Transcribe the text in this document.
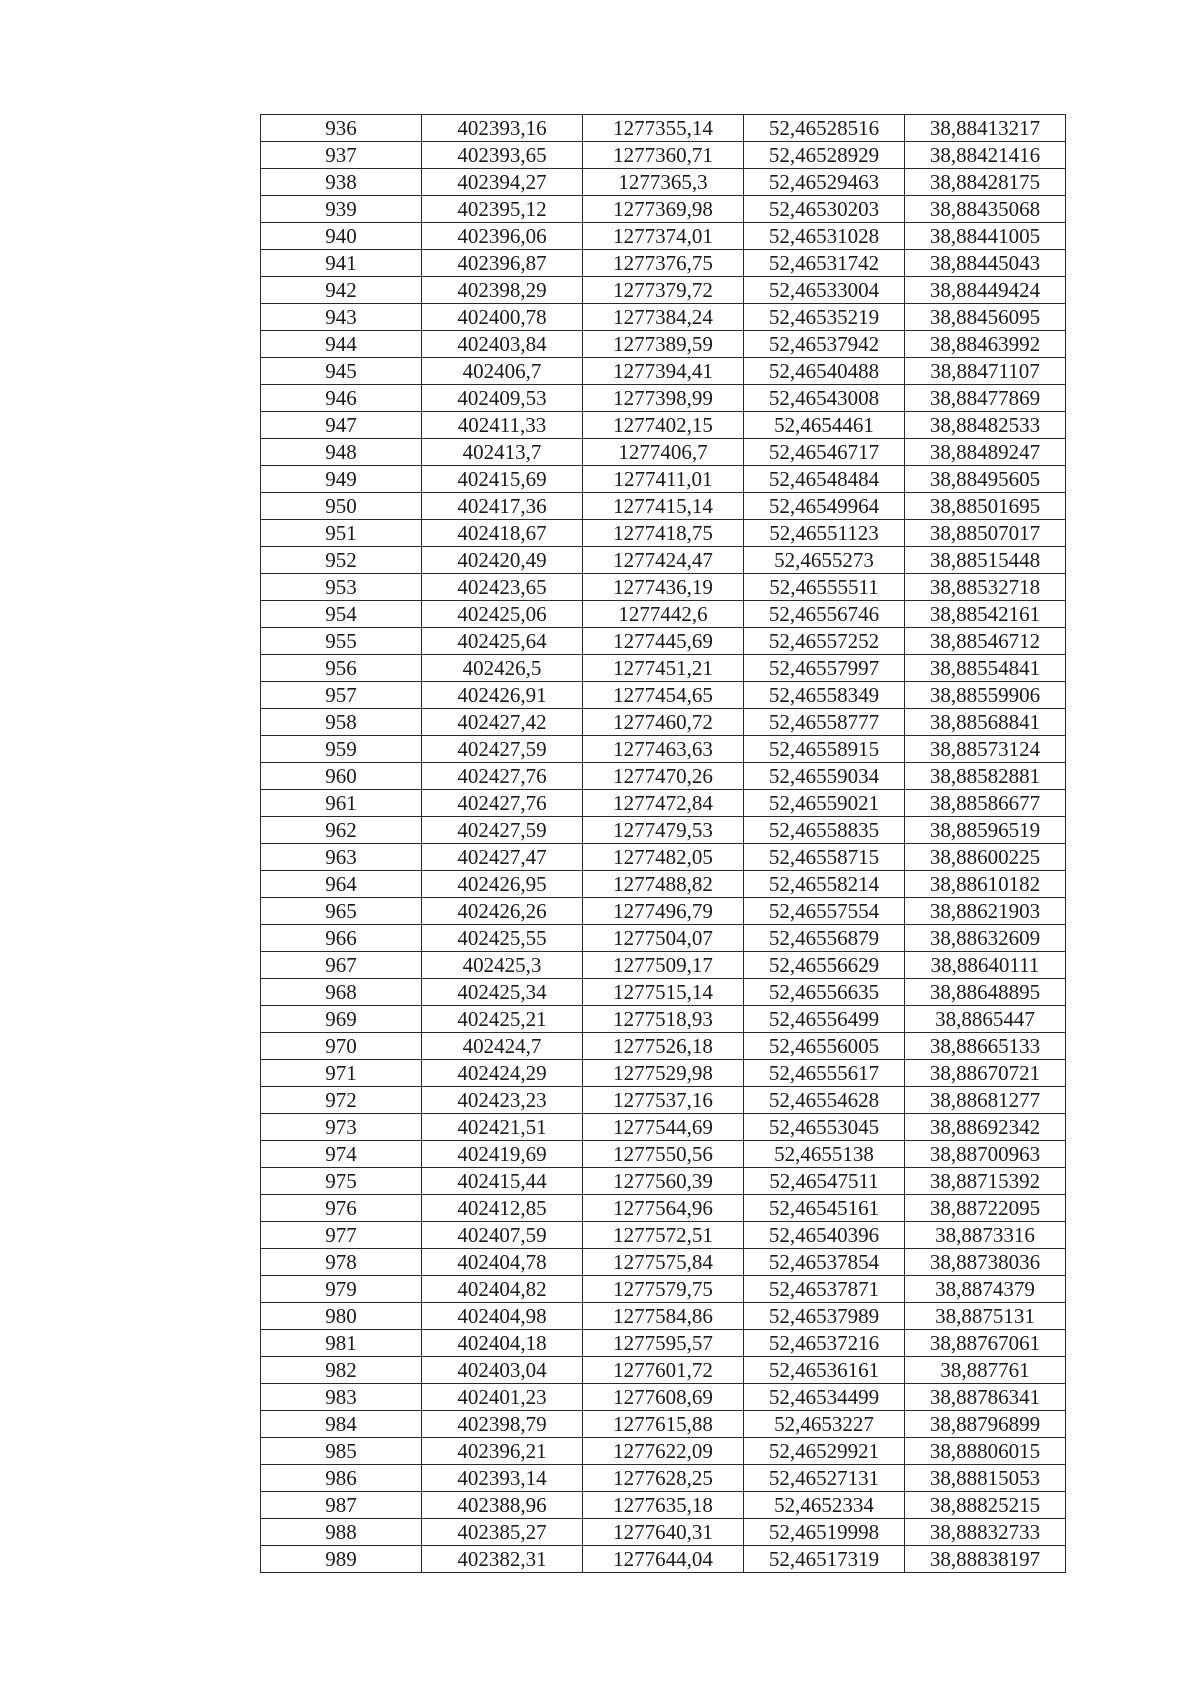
936	402393,16	1277355,14	52,46528516	38,88413217
937	402393,65	1277360,71	52,46528929	38,88421416
938	402394,27	1277365,3	52,46529463	38,88428175
939	402395,12	1277369,98	52,46530203	38,88435068
940	402396,06	1277374,01	52,46531028	38,88441005
941	402396,87	1277376,75	52,46531742	38,88445043
942	402398,29	1277379,72	52,46533004	38,88449424
943	402400,78	1277384,24	52,46535219	38,88456095
944	402403,84	1277389,59	52,46537942	38,88463992
945	402406,7	1277394,41	52,46540488	38,88471107
946	402409,53	1277398,99	52,46543008	38,88477869
947	402411,33	1277402,15	52,4654461	38,88482533
948	402413,7	1277406,7	52,46546717	38,88489247
949	402415,69	1277411,01	52,46548484	38,88495605
950	402417,36	1277415,14	52,46549964	38,88501695
951	402418,67	1277418,75	52,46551123	38,88507017
952	402420,49	1277424,47	52,4655273	38,88515448
953	402423,65	1277436,19	52,46555511	38,88532718
954	402425,06	1277442,6	52,46556746	38,88542161
955	402425,64	1277445,69	52,46557252	38,88546712
956	402426,5	1277451,21	52,46557997	38,88554841
957	402426,91	1277454,65	52,46558349	38,88559906
958	402427,42	1277460,72	52,46558777	38,88568841
959	402427,59	1277463,63	52,46558915	38,88573124
960	402427,76	1277470,26	52,46559034	38,88582881
961	402427,76	1277472,84	52,46559021	38,88586677
962	402427,59	1277479,53	52,46558835	38,88596519
963	402427,47	1277482,05	52,46558715	38,88600225
964	402426,95	1277488,82	52,46558214	38,88610182
965	402426,26	1277496,79	52,46557554	38,88621903
966	402425,55	1277504,07	52,46556879	38,88632609
967	402425,3	1277509,17	52,46556629	38,88640111
968	402425,34	1277515,14	52,46556635	38,88648895
969	402425,21	1277518,93	52,46556499	38,8865447
970	402424,7	1277526,18	52,46556005	38,88665133
971	402424,29	1277529,98	52,46555617	38,88670721
972	402423,23	1277537,16	52,46554628	38,88681277
973	402421,51	1277544,69	52,46553045	38,88692342
974	402419,69	1277550,56	52,4655138	38,88700963
975	402415,44	1277560,39	52,46547511	38,88715392
976	402412,85	1277564,96	52,46545161	38,88722095
977	402407,59	1277572,51	52,46540396	38,8873316
978	402404,78	1277575,84	52,46537854	38,88738036
979	402404,82	1277579,75	52,46537871	38,8874379
980	402404,98	1277584,86	52,46537989	38,8875131
981	402404,18	1277595,57	52,46537216	38,88767061
982	402403,04	1277601,72	52,46536161	38,887761
983	402401,23	1277608,69	52,46534499	38,88786341
984	402398,79	1277615,88	52,4653227	38,88796899
985	402396,21	1277622,09	52,46529921	38,88806015
986	402393,14	1277628,25	52,46527131	38,88815053
987	402388,96	1277635,18	52,4652334	38,88825215
988	402385,27	1277640,31	52,46519998	38,88832733
989	402382,31	1277644,04	52,46517319	38,88838197
